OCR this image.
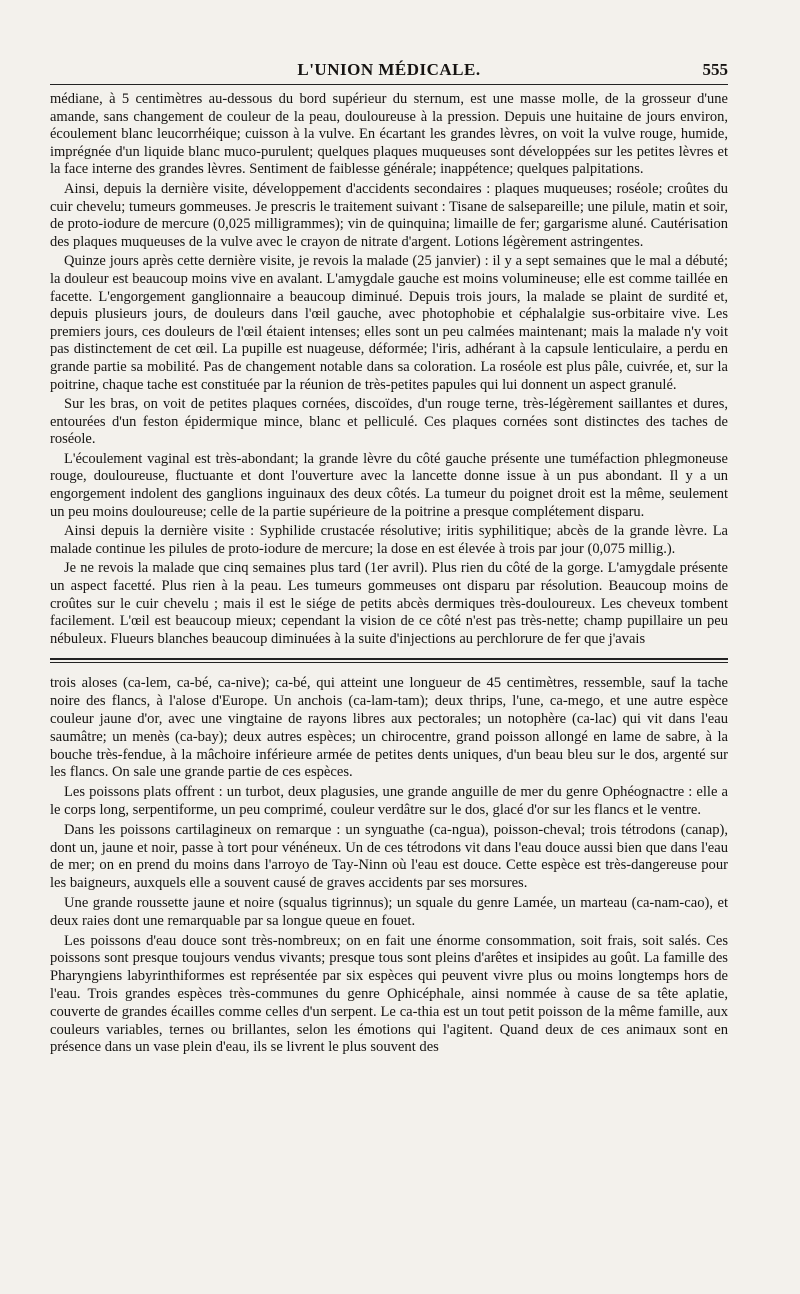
L'UNION MÉDICALE.	555

médiane, à 5 centimètres au-dessous du bord supérieur du sternum, est une masse molle, de la grosseur d'une amande, sans changement de couleur de la peau, douloureuse à la pression. Depuis une huitaine de jours environ, écoulement blanc leucorrhéique; cuisson à la vulve. En écartant les grandes lèvres, on voit la vulve rouge, humide, imprégnée d'un liquide blanc muco-purulent; quelques plaques muqueuses sont développées sur les petites lèvres et la face interne des grandes lèvres. Sentiment de faiblesse générale; inappétence; quelques palpitations.

Ainsi, depuis la dernière visite, développement d'accidents secondaires : plaques muqueuses; roséole; croûtes du cuir chevelu; tumeurs gommeuses. Je prescris le traitement suivant : Tisane de salsepareille; une pilule, matin et soir, de proto-iodure de mercure (0,025 milligrammes); vin de quinquina; limaille de fer; gargarisme aluné. Cautérisation des plaques muqueuses de la vulve avec le crayon de nitrate d'argent. Lotions légèrement astringentes.

Quinze jours après cette dernière visite, je revois la malade (25 janvier) : il y a sept semaines que le mal a débuté; la douleur est beaucoup moins vive en avalant. L'amygdale gauche est moins volumineuse; elle est comme taillée en facette. L'engorgement ganglionnaire a beaucoup diminué. Depuis trois jours, la malade se plaint de surdité et, depuis plusieurs jours, de douleurs dans l'œil gauche, avec photophobie et céphalalgie sus-orbitaire vive. Les premiers jours, ces douleurs de l'œil étaient intenses; elles sont un peu calmées maintenant; mais la malade n'y voit pas distinctement de cet œil. La pupille est nuageuse, déformée; l'iris, adhérant à la capsule lenticulaire, a perdu en grande partie sa mobilité. Pas de changement notable dans sa coloration. La roséole est plus pâle, cuivrée, et, sur la poitrine, chaque tache est constituée par la réunion de très-petites papules qui lui donnent un aspect granulé.

Sur les bras, on voit de petites plaques cornées, discoïdes, d'un rouge terne, très-légèrement saillantes et dures, entourées d'un feston épidermique mince, blanc et pelliculé. Ces plaques cornées sont distinctes des taches de roséole.

L'écoulement vaginal est très-abondant; la grande lèvre du côté gauche présente une tuméfaction phlegmoneuse rouge, douloureuse, fluctuante et dont l'ouverture avec la lancette donne issue à un pus abondant. Il y a un engorgement indolent des ganglions inguinaux des deux côtés. La tumeur du poignet droit est la même, seulement un peu moins douloureuse; celle de la partie supérieure de la poitrine a presque complétement disparu.

Ainsi depuis la dernière visite : Syphilide crustacée résolutive; iritis syphilitique; abcès de la grande lèvre. La malade continue les pilules de proto-iodure de mercure; la dose en est élevée à trois par jour (0,075 millig.).

Je ne revois la malade que cinq semaines plus tard (1er avril). Plus rien du côté de la gorge. L'amygdale présente un aspect facetté. Plus rien à la peau. Les tumeurs gommeuses ont disparu par résolution. Beaucoup moins de croûtes sur le cuir chevelu ; mais il est le siége de petits abcès dermiques très-douloureux. Les cheveux tombent facilement. L'œil est beaucoup mieux; cependant la vision de ce côté n'est pas très-nette; champ pupillaire un peu nébuleux. Flueurs blanches beaucoup diminuées à la suite d'injections au perchlorure de fer que j'avais

trois aloses (ca-lem, ca-bé, ca-nive); ca-bé, qui atteint une longueur de 45 centimètres, ressemble, sauf la tache noire des flancs, à l'alose d'Europe. Un anchois (ca-lam-tam); deux thrips, l'une, ca-mego, et une autre espèce couleur jaune d'or, avec une vingtaine de rayons libres aux pectorales; un notophère (ca-lac) qui vit dans l'eau saumâtre; un menès (ca-bay); deux autres espèces; un chirocentre, grand poisson allongé en lame de sabre, à la bouche très-fendue, à la mâchoire inférieure armée de petites dents uniques, d'un beau bleu sur le dos, argenté sur les flancs. On sale une grande partie de ces espèces.

Les poissons plats offrent : un turbot, deux plagusies, une grande anguille de mer du genre Ophéognactre : elle a le corps long, serpentiforme, un peu comprimé, couleur verdâtre sur le dos, glacé d'or sur les flancs et le ventre.

Dans les poissons cartilagineux on remarque : un synguathe (ca-ngua), poisson-cheval; trois tétrodons (canap), dont un, jaune et noir, passe à tort pour vénéneux. Un de ces tétrodons vit dans l'eau douce aussi bien que dans l'eau de mer; on en prend du moins dans l'arroyo de Tay-Ninn où l'eau est douce. Cette espèce est très-dangereuse pour les baigneurs, auxquels elle a souvent causé de graves accidents par ses morsures.

Une grande roussette jaune et noire (squalus tigrinnus); un squale du genre Lamée, un marteau (ca-nam-cao), et deux raies dont une remarquable par sa longue queue en fouet.

Les poissons d'eau douce sont très-nombreux; on en fait une énorme consommation, soit frais, soit salés. Ces poissons sont presque toujours vendus vivants; presque tous sont pleins d'arêtes et insipides au goût. La famille des Pharyngiens labyrinthiformes est représentée par six espèces qui peuvent vivre plus ou moins longtemps hors de l'eau. Trois grandes espèces très-communes du genre Ophicéphale, ainsi nommée à cause de sa tête aplatie, couverte de grandes écailles comme celles d'un serpent. Le ca-thia est un tout petit poisson de la même famille, aux couleurs variables, ternes ou brillantes, selon les émotions qui l'agitent. Quand deux de ces animaux sont en présence dans un vase plein d'eau, ils se livrent le plus souvent des
